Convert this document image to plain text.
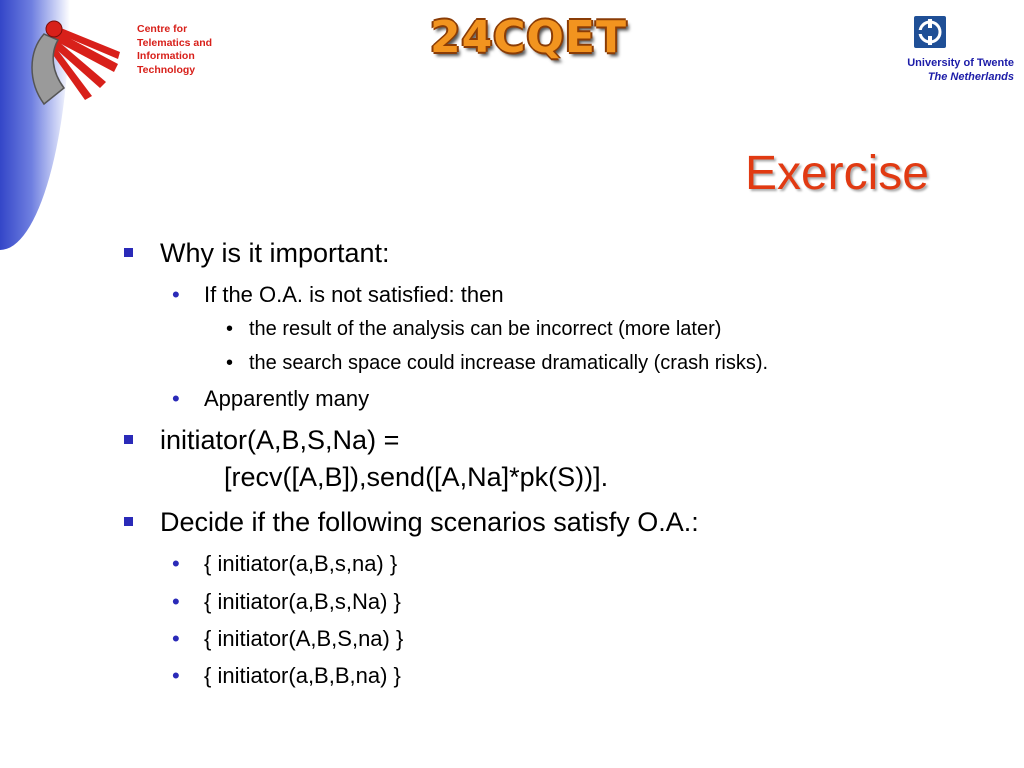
Centre for
Telematics and
Information
Technology
24CQET	University of Twente
The Netherlands
Exercise
Why is it important:
• If the O.A. is not satisfied: then
• the result of the analysis can be incorrect (more later)
• the search space could increase dramatically (crash risks).
• Apparently many
initiator(A,B,S,Na) =
[recv([A,B]),send([A,Na]*pk(S))].
Decide if the following scenarios satisfy O.A.:
• { initiator(a,B,s,na) }
• { initiator(a,B,s,Na) }
• { initiator(A,B,S,na) }
• { initiator(a,B,B,na) }
